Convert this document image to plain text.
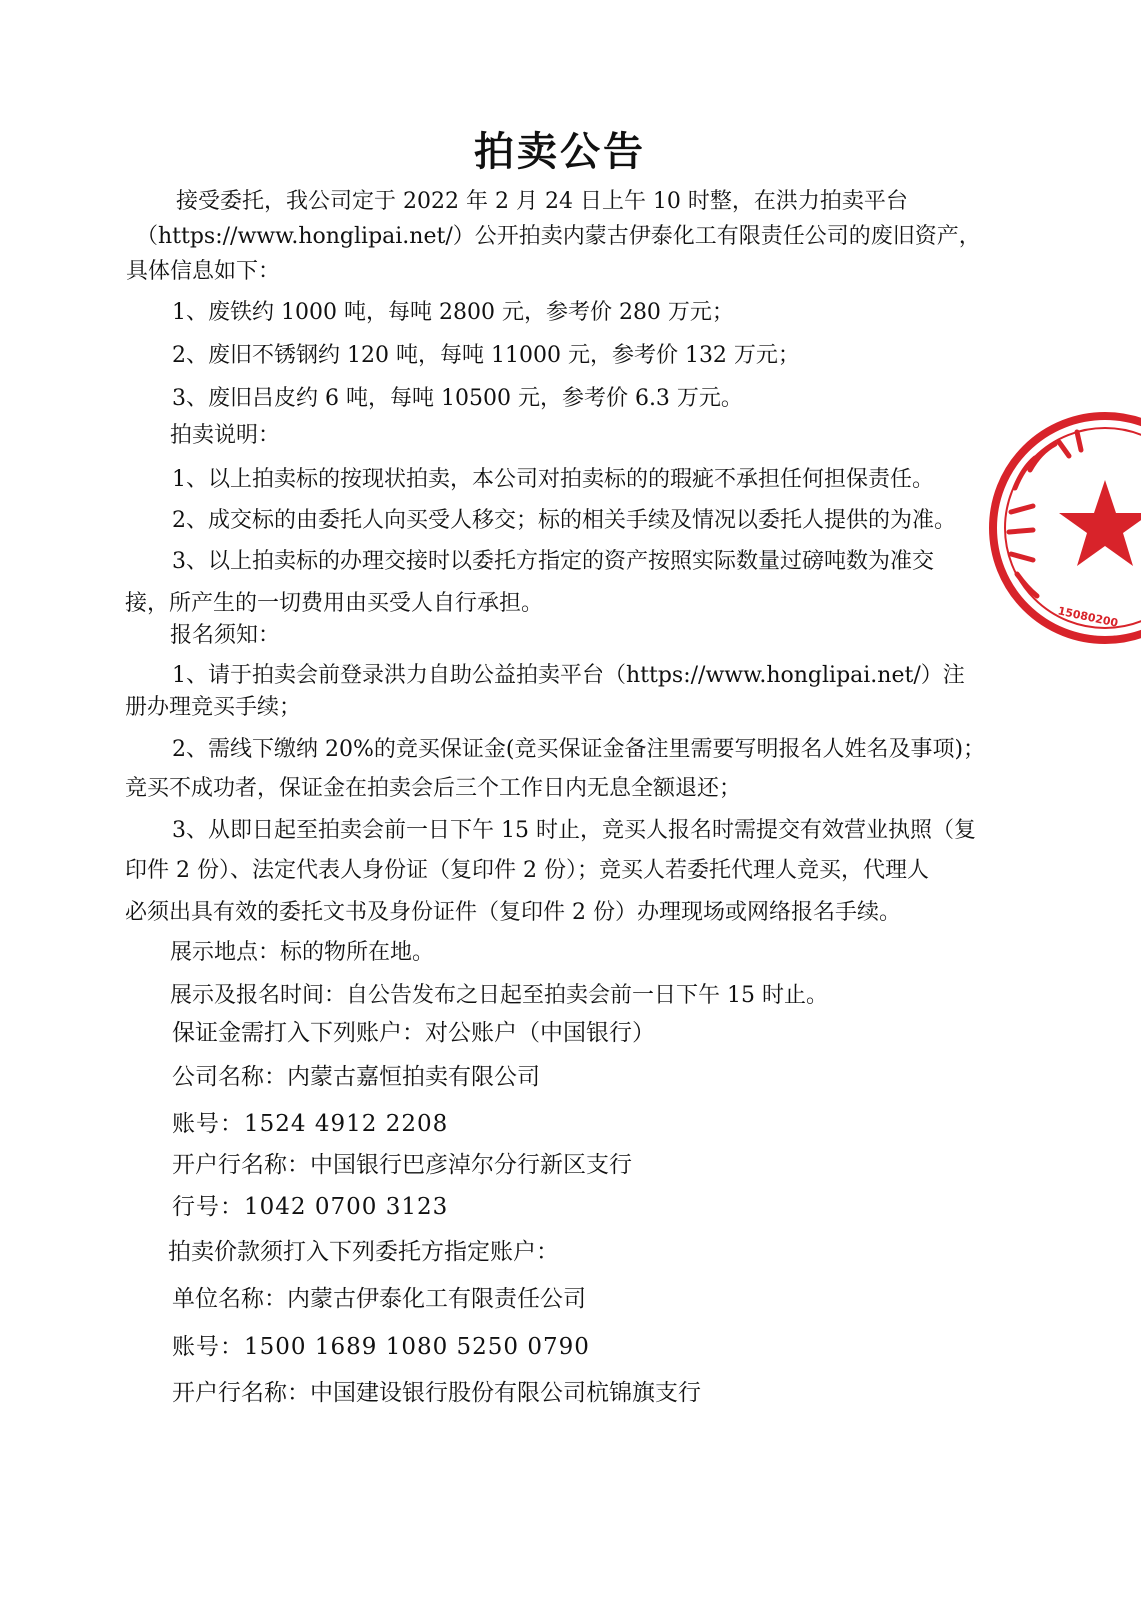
拍卖公告
接受委托，我公司定于 2022 年 2 月 24 日上午 10 时整，在洪力拍卖平台
（https://www.honglipai.net/）公开拍卖内蒙古伊泰化工有限责任公司的废旧资产，
具体信息如下：
1、废铁约 1000 吨，每吨 2800 元，参考价 280 万元；
2、废旧不锈钢约 120 吨，每吨 11000 元，参考价 132 万元；
3、废旧吕皮约 6 吨，每吨 10500 元，参考价 6.3 万元。
拍卖说明：
1、以上拍卖标的按现状拍卖，本公司对拍卖标的的瑕疵不承担任何担保责任。
2、成交标的由委托人向买受人移交；标的相关手续及情况以委托人提供的为准。
3、以上拍卖标的办理交接时以委托方指定的资产按照实际数量过磅吨数为准交
接，所产生的一切费用由买受人自行承担。
报名须知：
1、请于拍卖会前登录洪力自助公益拍卖平台（https://www.honglipai.net/）注
册办理竞买手续；
2、需线下缴纳 20%的竞买保证金(竞买保证金备注里需要写明报名人姓名及事项)；
竞买不成功者，保证金在拍卖会后三个工作日内无息全额退还；
3、从即日起至拍卖会前一日下午 15 时止，竞买人报名时需提交有效营业执照（复
印件 2 份）、法定代表人身份证（复印件 2 份）；竞买人若委托代理人竞买，代理人
必须出具有效的委托文书及身份证件（复印件 2 份）办理现场或网络报名手续。
展示地点：标的物所在地。
展示及报名时间：自公告发布之日起至拍卖会前一日下午 15 时止。
保证金需打入下列账户：对公账户（中国银行）
公司名称：内蒙古嘉恒拍卖有限公司
账号：1524 4912 2208
开户行名称：中国银行巴彦淖尔分行新区支行
行号：1042 0700 3123
拍卖价款须打入下列委托方指定账户：
单位名称：内蒙古伊泰化工有限责任公司
账号：1500 1689 1080 5250 0790
开户行名称：中国建设银行股份有限公司杭锦旗支行
15080200
